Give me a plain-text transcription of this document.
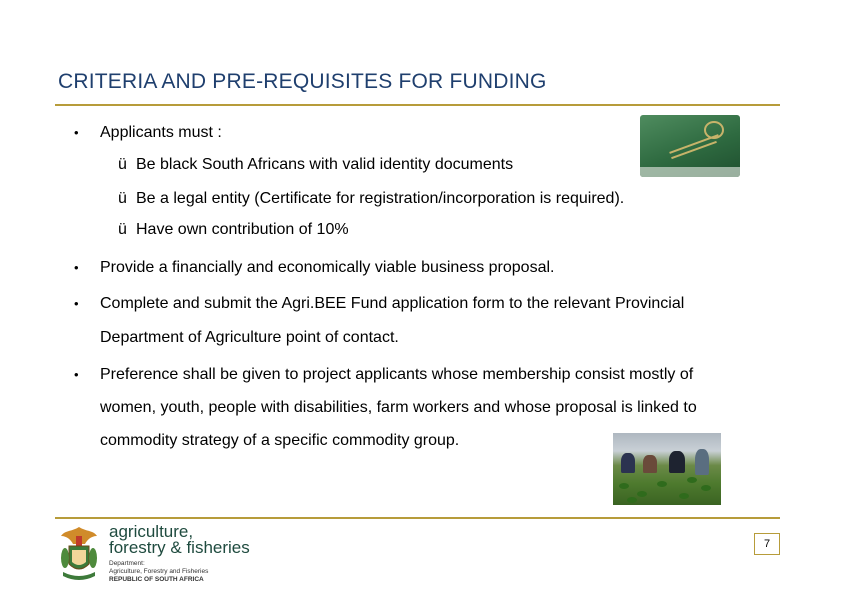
CRITERIA AND PRE-REQUISITES FOR FUNDING
• Applicants must :
ü Be black South Africans with valid identity documents
ü Be a legal entity (Certificate for registration/incorporation is required).
ü Have own contribution of 10%
• Provide a financially and economically viable business proposal.
• Complete and submit the Agri.BEE Fund application form to the relevant Provincial
Department of Agriculture point of contact.
• Preference shall be given to project applicants whose membership consist mostly of
women, youth, people with disabilities, farm workers and whose proposal is linked to
commodity strategy of a specific commodity group.
agriculture,
forestry & fisheries
Department:
Agriculture, Forestry and Fisheries
REPUBLIC OF SOUTH AFRICA
7
